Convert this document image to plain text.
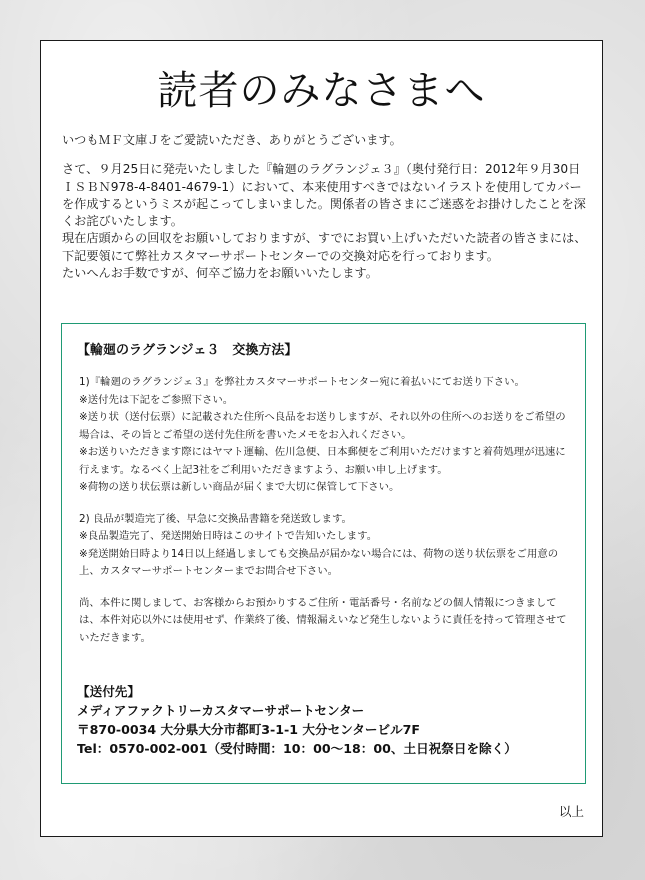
読者のみなさまへ

いつもＭＦ文庫Ｊをご愛読いただき、ありがとうございます。

さて、９月25日に発売いたしました『輪廻のラグランジェ３』（奥付発行日：2012年９月30日　ＩＳＢＮ978-4-8401-4679-1）において、本来使用すべきではないイラストを使用してカバーを作成するというミスが起こってしまいました。関係者の皆さまにご迷惑をお掛けしたことを深くお詫びいたします。

現在店頭からの回収をお願いしておりますが、すでにお買い上げいただいた読者の皆さまには、下記要領にて弊社カスタマーサポートセンターでの交換対応を行っております。

たいへんお手数ですが、何卒ご協力をお願いいたします。

【輪廻のラグランジェ３　交換方法】

1)『輪廻のラグランジェ３』を弊社カスタマーサポートセンター宛に着払いにてお送り下さい。

※送付先は下記をご参照下さい。

※送り状（送付伝票）に記載された住所へ良品をお送りしますが、それ以外の住所へのお送りをご希望の場合は、その旨とご希望の送付先住所を書いたメモをお入れください。

※お送りいただきます際にはヤマト運輸、佐川急便、日本郵便をご利用いただけますと着荷処理が迅速に行えます。なるべく上記3社をご利用いただきますよう、お願い申し上げます。

※荷物の送り状伝票は新しい商品が届くまで大切に保管して下さい。

2) 良品が製造完了後、早急に交換品書籍を発送致します。

※良品製造完了、発送開始日時はこのサイトで告知いたします。

※発送開始日時より14日以上経過しましても交換品が届かない場合には、荷物の送り状伝票をご用意の上、カスタマーサポートセンターまでお問合せ下さい。

尚、本件に関しまして、お客様からお預かりするご住所・電話番号・名前などの個人情報につきましては、本件対応以外には使用せず、作業終了後、情報漏えいなど発生しないように責任を持って管理させていただきます。

【送付先】

メディアファクトリーカスタマーサポートセンター

〒870-0034 大分県大分市都町3-1-1 大分センタービル7F

Tel：0570-002-001（受付時間：10：00〜18：00、土日祝祭日を除く）

以上
